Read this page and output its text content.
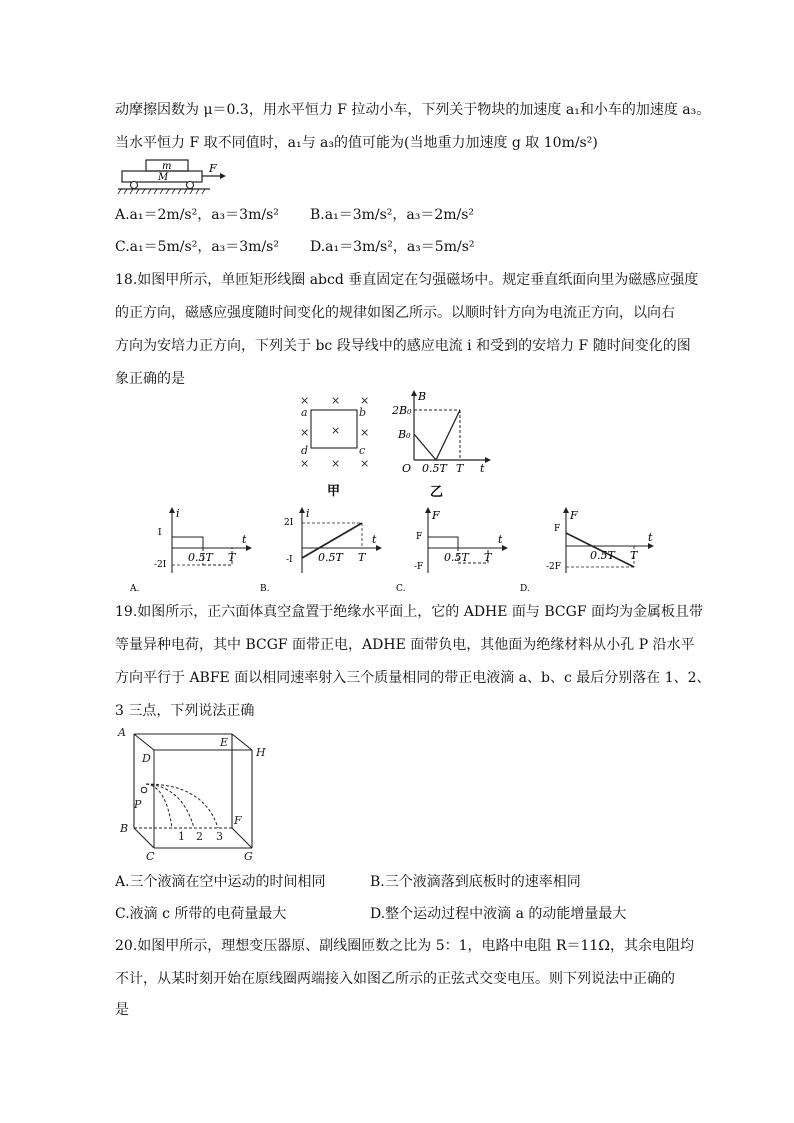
动摩擦因数为 μ＝0.3，用水平恒力 F 拉动小车，下列关于物块的加速度 a₁和小车的加速度 a₃。
当水平恒力 F 取不同值时，a₁与 a₃的值可能为(当地重力加速度 g 取 10m/s²)
m
M
F
A.a₁＝2m/s²，a₃＝3m/s² B.a₁＝3m/s²，a₃＝2m/s²
C.a₁＝5m/s²，a₃＝3m/s² D.a₁＝3m/s²，a₃＝5m/s²
18.如图甲所示，单匝矩形线圈 abcd 垂直固定在匀强磁场中。规定垂直纸面向里为磁感应强度
的正方向，磁感应强度随时间变化的规律如图乙所示。以顺时针方向为电流正方向，以向右
方向为安培力正方向，下列关于 bc 段导线中的感应电流 i 和受到的安培力 F 随时间变化的图
象正确的是
× × ×
× × ×
× × ×
a	b
c
d
甲
B
2B₀
B₀
O 0.5T T t
乙
i
I
-2I
0.5T T
t
A.
i
2I
-I 0.5T T
t
B.
F
F
-F
0.5T T
t
C.
F
F
-2F
0.5T T
t
D.
19.如图所示，正六面体真空盒置于绝缘水平面上，它的 ADHE 面与 BCGF 面均为金属板且带
等量异种电荷，其中 BCGF 面带正电，ADHE 面带负电，其他面为绝缘材料从小孔 P 沿水平
方向平行于 ABFE 面以相同速率射入三个质量相同的带正电液滴 a、b、c 最后分别落在 1、2、
3 三点，下列说法正确
A
D
E
H
P
B
F
C	G
1 2 3
A.三个液滴在空中运动的时间相同	B.三个液滴落到底板时的速率相同
C.液滴 c 所带的电荷量最大	D.整个运动过程中液滴 a 的动能增量最大
20.如图甲所示，理想变压器原、副线圈匝数之比为 5：1，电路中电阻 R＝11Ω，其余电阻均
不计，从某时刻开始在原线圈两端接入如图乙所示的正弦式交变电压。则下列说法中正确的
是
